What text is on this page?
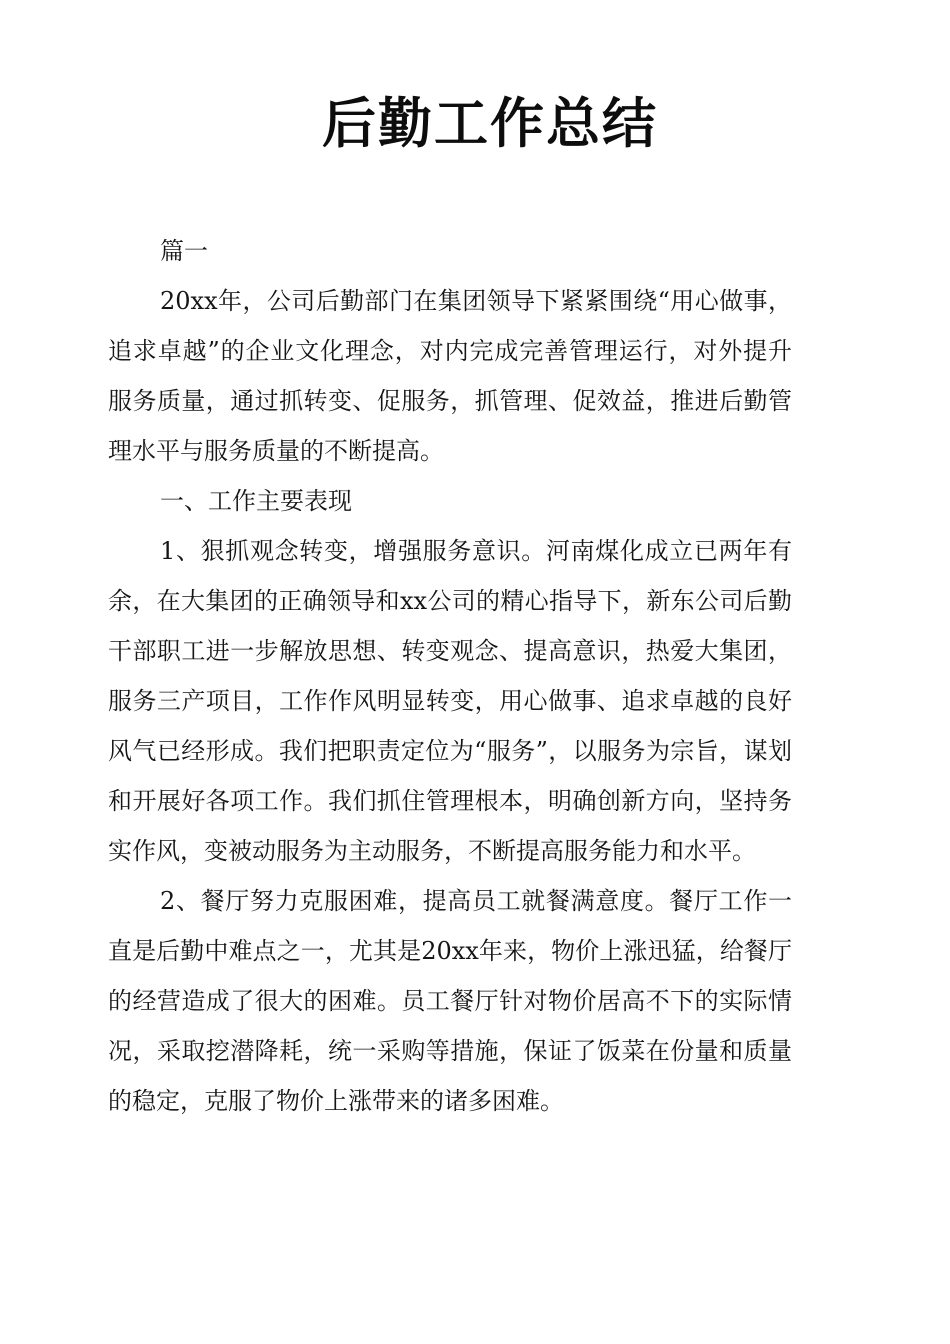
后勤工作总结

篇一

20xx年，公司后勤部门在集团领导下紧紧围绕“用心做事，追求卓越”的企业文化理念，对内完成完善管理运行，对外提升服务质量，通过抓转变、促服务，抓管理、促效益，推进后勤管理水平与服务质量的不断提高。

一、工作主要表现

1、狠抓观念转变，增强服务意识。河南煤化成立已两年有余，在大集团的正确领导和xx公司的精心指导下，新东公司后勤干部职工进一步解放思想、转变观念、提高意识，热爱大集团，服务三产项目，工作作风明显转变，用心做事、追求卓越的良好风气已经形成。我们把职责定位为“服务”，以服务为宗旨，谋划和开展好各项工作。我们抓住管理根本，明确创新方向，坚持务实作风，变被动服务为主动服务，不断提高服务能力和水平。

2、餐厅努力克服困难，提高员工就餐满意度。餐厅工作一直是后勤中难点之一，尤其是20xx年来，物价上涨迅猛，给餐厅的经营造成了很大的困难。员工餐厅针对物价居高不下的实际情况，采取挖潜降耗，统一采购等措施，保证了饭菜在份量和质量的稳定，克服了物价上涨带来的诸多困难。
